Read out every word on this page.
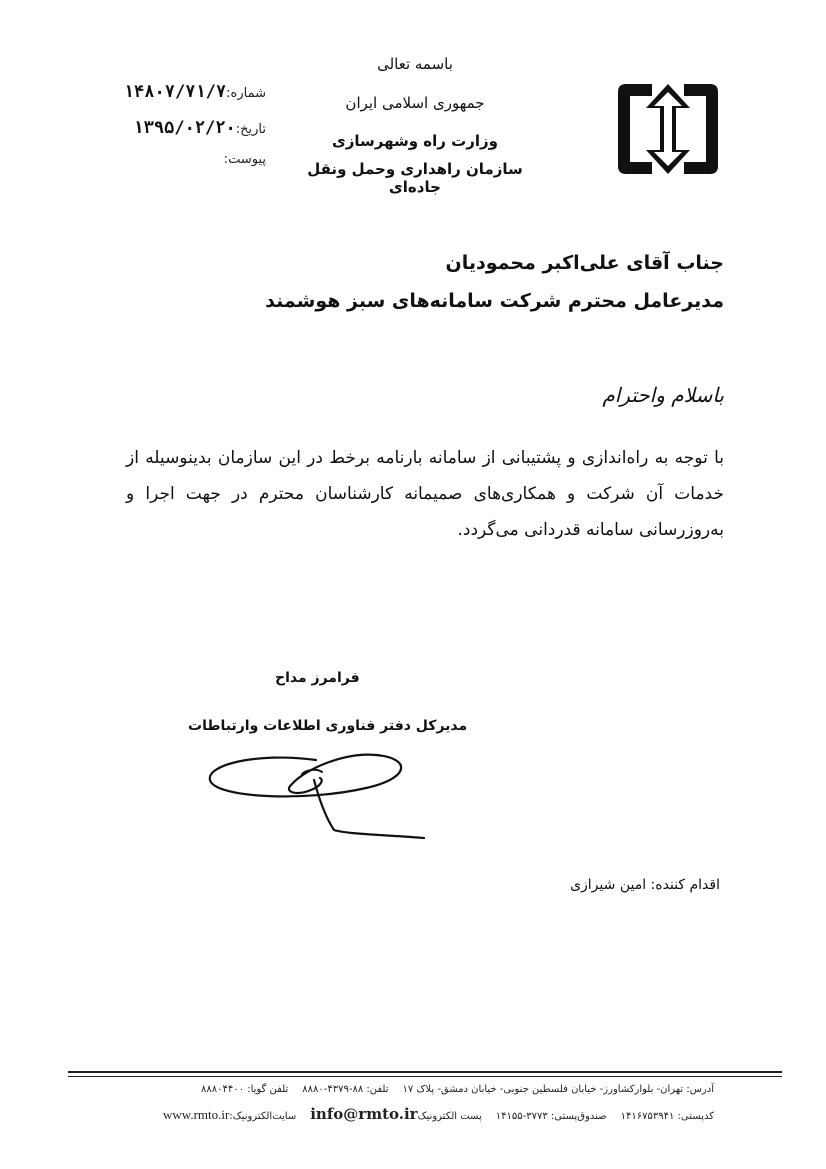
باسمه تعالی
جمهوری اسلامی ایران
وزارت راه وشهرسازی
سازمان راهداری وحمل ونقل جاده‌ای
شماره:۱۴۸۰۷/۷۱/۷
تاریخ:۱۳۹۵/۰۲/۲۰
پیوست:
جناب آقای علی‌اکبر محمودیان
مدیرعامل محترم شرکت سامانه‌های سبز هوشمند
باسلام واحترام
با توجه به راه‌اندازی و پشتیبانی از سامانه بارنامه برخط در این سازمان بدینوسیله از خدمات آن شرکت و همکاری‌های صمیمانه کارشناسان محترم در جهت اجرا و به‌روزرسانی سامانه قدردانی می‌گردد.
فرامرز مداح
مدیرکل دفتر فناوری اطلاعات وارتباطات
اقدام کننده: امین شیرازی
آدرس: تهران- بلوارکشاورز- خیابان فلسطین جنوبی- خیابان دمشق- پلاک ۱۷تلفن: ۸۸-۴۳۷۹-۸۸۸۰تلفن گویا: ۸۸۸۰۴۴۰۰
کدپستی: ۱۴۱۶۷۵۳۹۴۱صندوق‌پستی: ۳۷۷۳-۱۴۱۵۵پست الکترونیکinfo@rmto.irسایت‌الکترونیک:www.rmto.ir
